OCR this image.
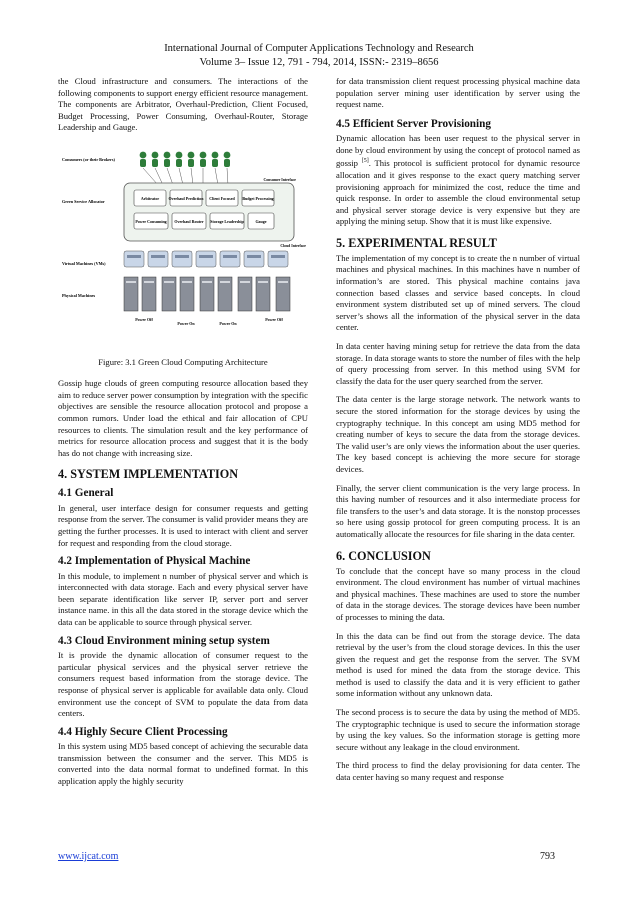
International Journal of Computer Applications Technology and Research
Volume 3– Issue 12, 791 - 794, 2014, ISSN:- 2319–8656

the Cloud infrastructure and consumers. The interactions of the following components to support energy efficient resource management. The components are Arbitrator, Overhaul-Prediction, Client Focused, Budget Processing, Power Consuming, Overhaul-Router, Storage Leadership and Gauge.

Consumers (or their Brokers)
Green Service Allocator
Virtual Machines (VMs)
Physical Machines
Arbitrator Overhaul Prediction Client Focused Budget Processing
Power Consuming Overhaul Router Storage Leadership	Gauge
Consumer Interface
Cloud Interface
Power Off
Power On	Power On
Power Off

Figure: 3.1 Green Cloud Computing Architecture

Gossip huge clouds of green computing resource allocation based they aim to reduce server power consumption by integration with the specific objectives are sensible the resource allocation protocol and propose a common rumors. Under load the ethical and fair allocation of CPU resources to clients. The simulation result and the key performance of metrics for resource allocation process and suggest that it is the body has do not change with increasing size.

4. SYSTEM IMPLEMENTATION
4.1 General

In general, user interface design for consumer requests and getting response from the server. The consumer is valid provider means they are getting the further processes. It is used to interact with client and server for request and responding from the cloud storage.

4.2 Implementation of Physical Machine

In this module, to implement n number of physical server and which is interconnected with data storage. Each and every physical server have been separate identification like server IP, server port and server instance name. in this all the data stored in the storage device which the data can be applicable to source through physical server.

4.3 Cloud Environment mining setup system

It is provide the dynamic allocation of consumer request to the particular physical services and the physical server retrieve the consumers request based information from the storage device. The response of physical server is applicable for available data only. Cloud environment use the concept of SVM to populate the data from data centers.

4.4 Highly Secure Client Processing

In this system using MD5 based concept of achieving the securable data transmission between the consumer and the server. This MD5 is converted into the data normal format to undefined format. In this application apply the highly security

for data transmission client request processing physical machine data population server mining user identification by server using the request name.

4.5 Efficient Server Provisioning

Dynamic allocation has been user request to the physical server in done by cloud environment by using the concept of protocol named as gossip [5]. This protocol is sufficient protocol for dynamic resource allocation and it gives response to the exact query matching server provisioning approach for minimized the cost, reduce the time and quick response. In order to assemble the cloud environmental setup and physical server storage device is very expensive but they are applying the mining setup. Show that it is must like expensive.

5. EXPERIMENTAL RESULT

The implementation of my concept is to create the n number of virtual machines and physical machines. In this machines have n number of information’s are stored. This physical machine contains java connection based classes and service based concepts. In cloud environment system distributed set up of mined servers. The cloud server’s shows all the information of the physical server in the data center.

In data center having mining setup for retrieve the data from the data storage. In data storage wants to store the number of files with the help of query processing from server. In this method using SVM for classify the data for the user query searched from the server.

The data center is the large storage network. The network wants to secure the stored information for the storage devices by using the cryptography technique. In this concept am using MD5 method for creating number of keys to secure the data from the storage devices. The valid user’s are only views the information about the user queries. The key based concept is achieving the more secure for storage devices.

Finally, the server client communication is the very large process. In this having number of resources and it also intermediate process for file transfers to the user’s and data storage. It is the nonstop processes so here using gossip protocol for green computing process. It is an automatically allocate the resources for file sharing in the data center.

6. CONCLUSION

To conclude that the concept have so many process in the cloud environment. The cloud environment has number of virtual machines and physical machines. These machines are used to store the number of data in the storage devices. The storage devices have been number of processes to mining the data.

In this the data can be find out from the storage device. The data retrieval by the user’s from the cloud storage devices. In this the user given the request and get the response from the server. The SVM method is used for mined the data from the storage device. This method is used to classify the data and it is very efficient to gather some information without any unknown data.

The second process is to secure the data by using the method of MD5. The cryptographic technique is used to secure the information storage by using the key values. So the information storage is getting more secure without any leakage in the cloud environment.

The third process to find the delay provisioning for data center. The data center having so many request and response

www.ijcat.com	793
